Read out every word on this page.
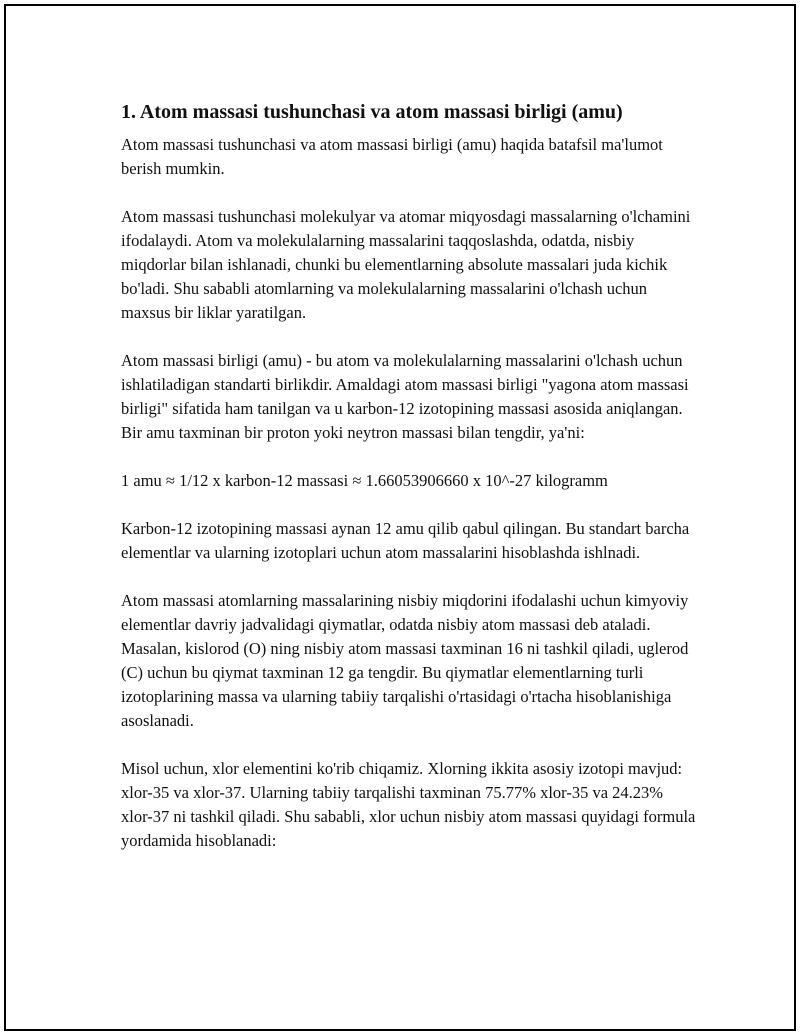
1. Atom massasi tushunchasi va atom massasi birligi (amu)

Atom massasi tushunchasi va atom massasi birligi (amu) haqida batafsil ma'lumot berish mumkin.

Atom massasi tushunchasi molekulyar va atomar miqyosdagi massalarning o'lchamini ifodalaydi. Atom va molekulalarning massalarini taqqoslashda, odatda, nisbiy miqdorlar bilan ishlanadi, chunki bu elementlarning absolute massalari juda kichik bo'ladi. Shu sababli atomlarning va molekulalarning massalarini o'lchash uchun maxsus bir liklar yaratilgan.

Atom massasi birligi (amu) - bu atom va molekulalarning massalarini o'lchash uchun ishlatiladigan standarti birlikdir. Amaldagi atom massasi birligi "yagona atom massasi birligi" sifatida ham tanilgan va u karbon-12 izotopining massasi asosida aniqlangan. Bir amu taxminan bir proton yoki neytron massasi bilan tengdir, ya'ni:

1 amu ≈ 1/12 x karbon-12 massasi ≈ 1.66053906660 x 10^-27 kilogramm

Karbon-12 izotopining massasi aynan 12 amu qilib qabul qilingan. Bu standart barcha elementlar va ularning izotoplari uchun atom massalarini hisoblashda ishlnadi.

Atom massasi atomlarning massalarining nisbiy miqdorini ifodalashi uchun kimyoviy elementlar davriy jadvalidagi qiymatlar, odatda nisbiy atom massasi deb ataladi. Masalan, kislorod (O) ning nisbiy atom massasi taxminan 16 ni tashkil qiladi, uglerod (C) uchun bu qiymat taxminan 12 ga tengdir. Bu qiymatlar elementlarning turli izotoplarining massa va ularning tabiiy tarqalishi o'rtasidagi o'rtacha hisoblanishiga asoslanadi.

Misol uchun, xlor elementini ko'rib chiqamiz. Xlorning ikkita asosiy izotopi mavjud: xlor-35 va xlor-37. Ularning tabiiy tarqalishi taxminan 75.77% xlor-35 va 24.23% xlor-37 ni tashkil qiladi. Shu sababli, xlor uchun nisbiy atom massasi quyidagi formula yordamida hisoblanadi:
